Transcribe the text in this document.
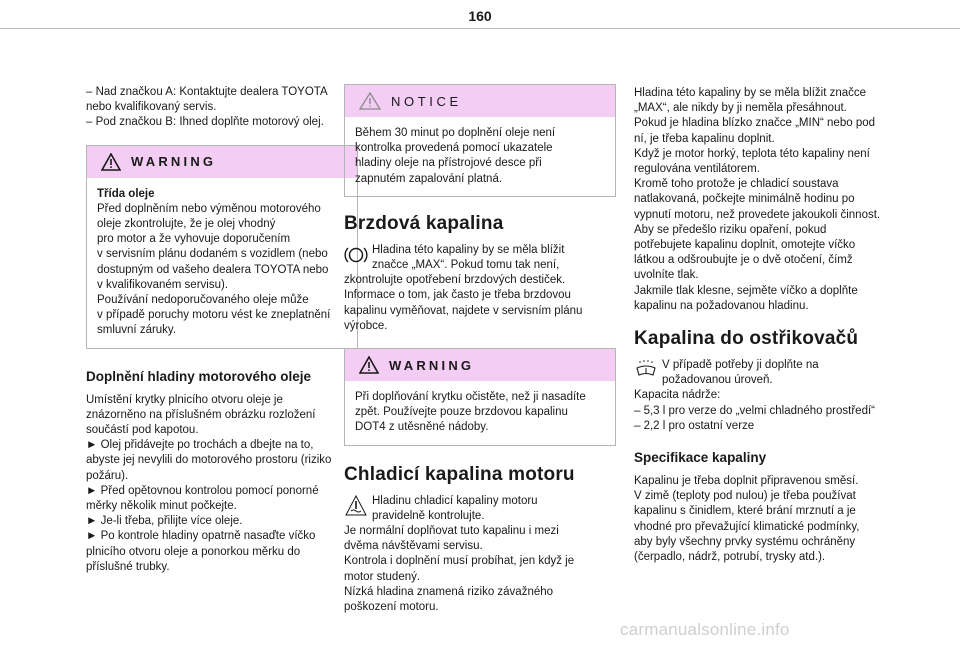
160

– Nad značkou A: Kontaktujte dealera TOYOTA
nebo kvalifikovaný servis.
– Pod značkou B: Ihned doplňte motorový olej.

WARNING

Třída oleje

Před doplněním nebo výměnou motorového
oleje zkontrolujte, že je olej vhodný
pro motor a že vyhovuje doporučením
v servisním plánu dodaném s vozidlem (nebo
dostupným od vašeho dealera TOYOTA nebo
v kvalifikovaném servisu).
Používání nedoporučovaného oleje může
v případě poruchy motoru vést ke zneplatnění
smluvní záruky.

Doplnění hladiny motorového oleje

Umístění krytky plnicího otvoru oleje je
znázorněno na příslušném obrázku rozložení
součástí pod kapotou.
► Olej přidávejte po trochách a dbejte na to,
abyste jej nevylili do motorového prostoru (riziko
požáru).
► Před opětovnou kontrolou pomocí ponorné
měrky několik minut počkejte.
► Je-li třeba, přilijte více oleje.
► Po kontrole hladiny opatrně nasaďte víčko
plnicího otvoru oleje a ponorkou měrku do
příslušné trubky.

NOTICE

Během 30 minut po doplnění oleje není
kontrolka provedená pomocí ukazatele
hladiny oleje na přístrojové desce při
zapnutém zapalování platná.

Brzdová kapalina

Hladina této kapaliny by se měla blížit
značce „MAX“. Pokud tomu tak není,

zkontrolujte opotřebení brzdových destiček.
Informace o tom, jak často je třeba brzdovou
kapalinu vyměňovat, najdete v servisním plánu
výrobce.

WARNING

Při doplňování krytku očistěte, než ji nasadíte
zpět. Používejte pouze brzdovou kapalinu
DOT4 z utěsněné nádoby.

Chladicí kapalina motoru

Hladinu chladicí kapaliny motoru
pravidelně kontrolujte.

Je normální doplňovat tuto kapalinu i mezi
dvěma návštěvami servisu.
Kontrola i doplnění musí probíhat, jen když je
motor studený.
Nízká hladina znamená riziko závažného
poškození motoru.

Hladina této kapaliny by se měla blížit značce
„MAX“, ale nikdy by ji neměla přesáhnout.
Pokud je hladina blízko značce „MIN“ nebo pod
ní, je třeba kapalinu doplnit.
Když je motor horký, teplota této kapaliny není
regulována ventilátorem.
Kromě toho protože je chladicí soustava
natlakovaná, počkejte minimálně hodinu po
vypnutí motoru, než provedete jakoukoli činnost.
Aby se předešlo riziku opaření, pokud
potřebujete kapalinu doplnit, omotejte víčko
látkou a odšroubujte je o dvě otočení, čímž
uvolníte tlak.
Jakmile tlak klesne, sejměte víčko a doplňte
kapalinu na požadovanou hladinu.

Kapalina do ostřikovačů

V případě potřeby ji doplňte na
požadovanou úroveň.

Kapacita nádrže:
– 5,3 l pro verze do „velmi chladného prostředí“
– 2,2 l pro ostatní verze

Specifikace kapaliny

Kapalinu je třeba doplnit připravenou směsí.
V zimě (teploty pod nulou) je třeba používat
kapalinu s činidlem, které brání mrznutí a je
vhodné pro převažující klimatické podmínky,
aby byly všechny prvky systému ochráněny
(čerpadlo, nádrž, potrubí, trysky atd.).

carmanualsonline.info
